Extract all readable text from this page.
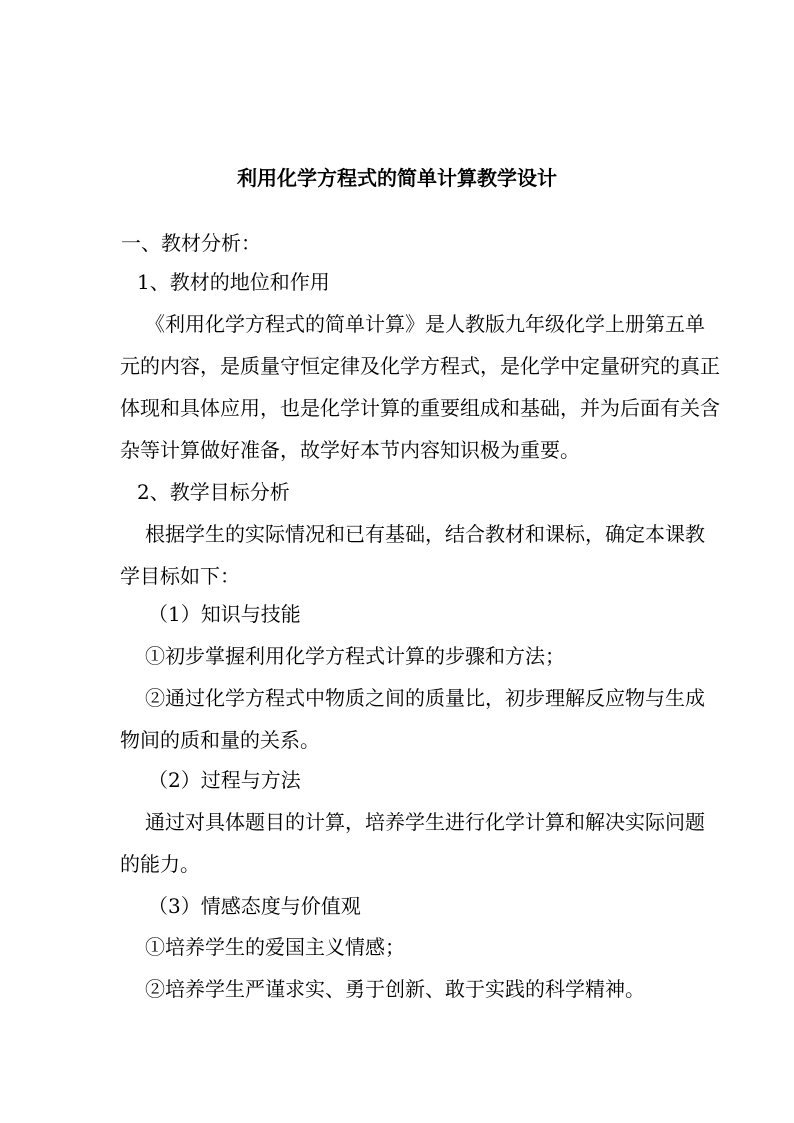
利用化学方程式的简单计算教学设计
一、教材分析：
1、教材的地位和作用
《利用化学方程式的简单计算》是人教版九年级化学上册第五单
元的内容，是质量守恒定律及化学方程式，是化学中定量研究的真正
体现和具体应用，也是化学计算的重要组成和基础，并为后面有关含
杂等计算做好准备，故学好本节内容知识极为重要。
2、教学目标分析
根据学生的实际情况和已有基础，结合教材和课标，确定本课教
学目标如下：
（1）知识与技能
①初步掌握利用化学方程式计算的步骤和方法；
②通过化学方程式中物质之间的质量比，初步理解反应物与生成
物间的质和量的关系。
（2）过程与方法
通过对具体题目的计算，培养学生进行化学计算和解决实际问题
的能力。
（3）情感态度与价值观
①培养学生的爱国主义情感；
②培养学生严谨求实、勇于创新、敢于实践的科学精神。
